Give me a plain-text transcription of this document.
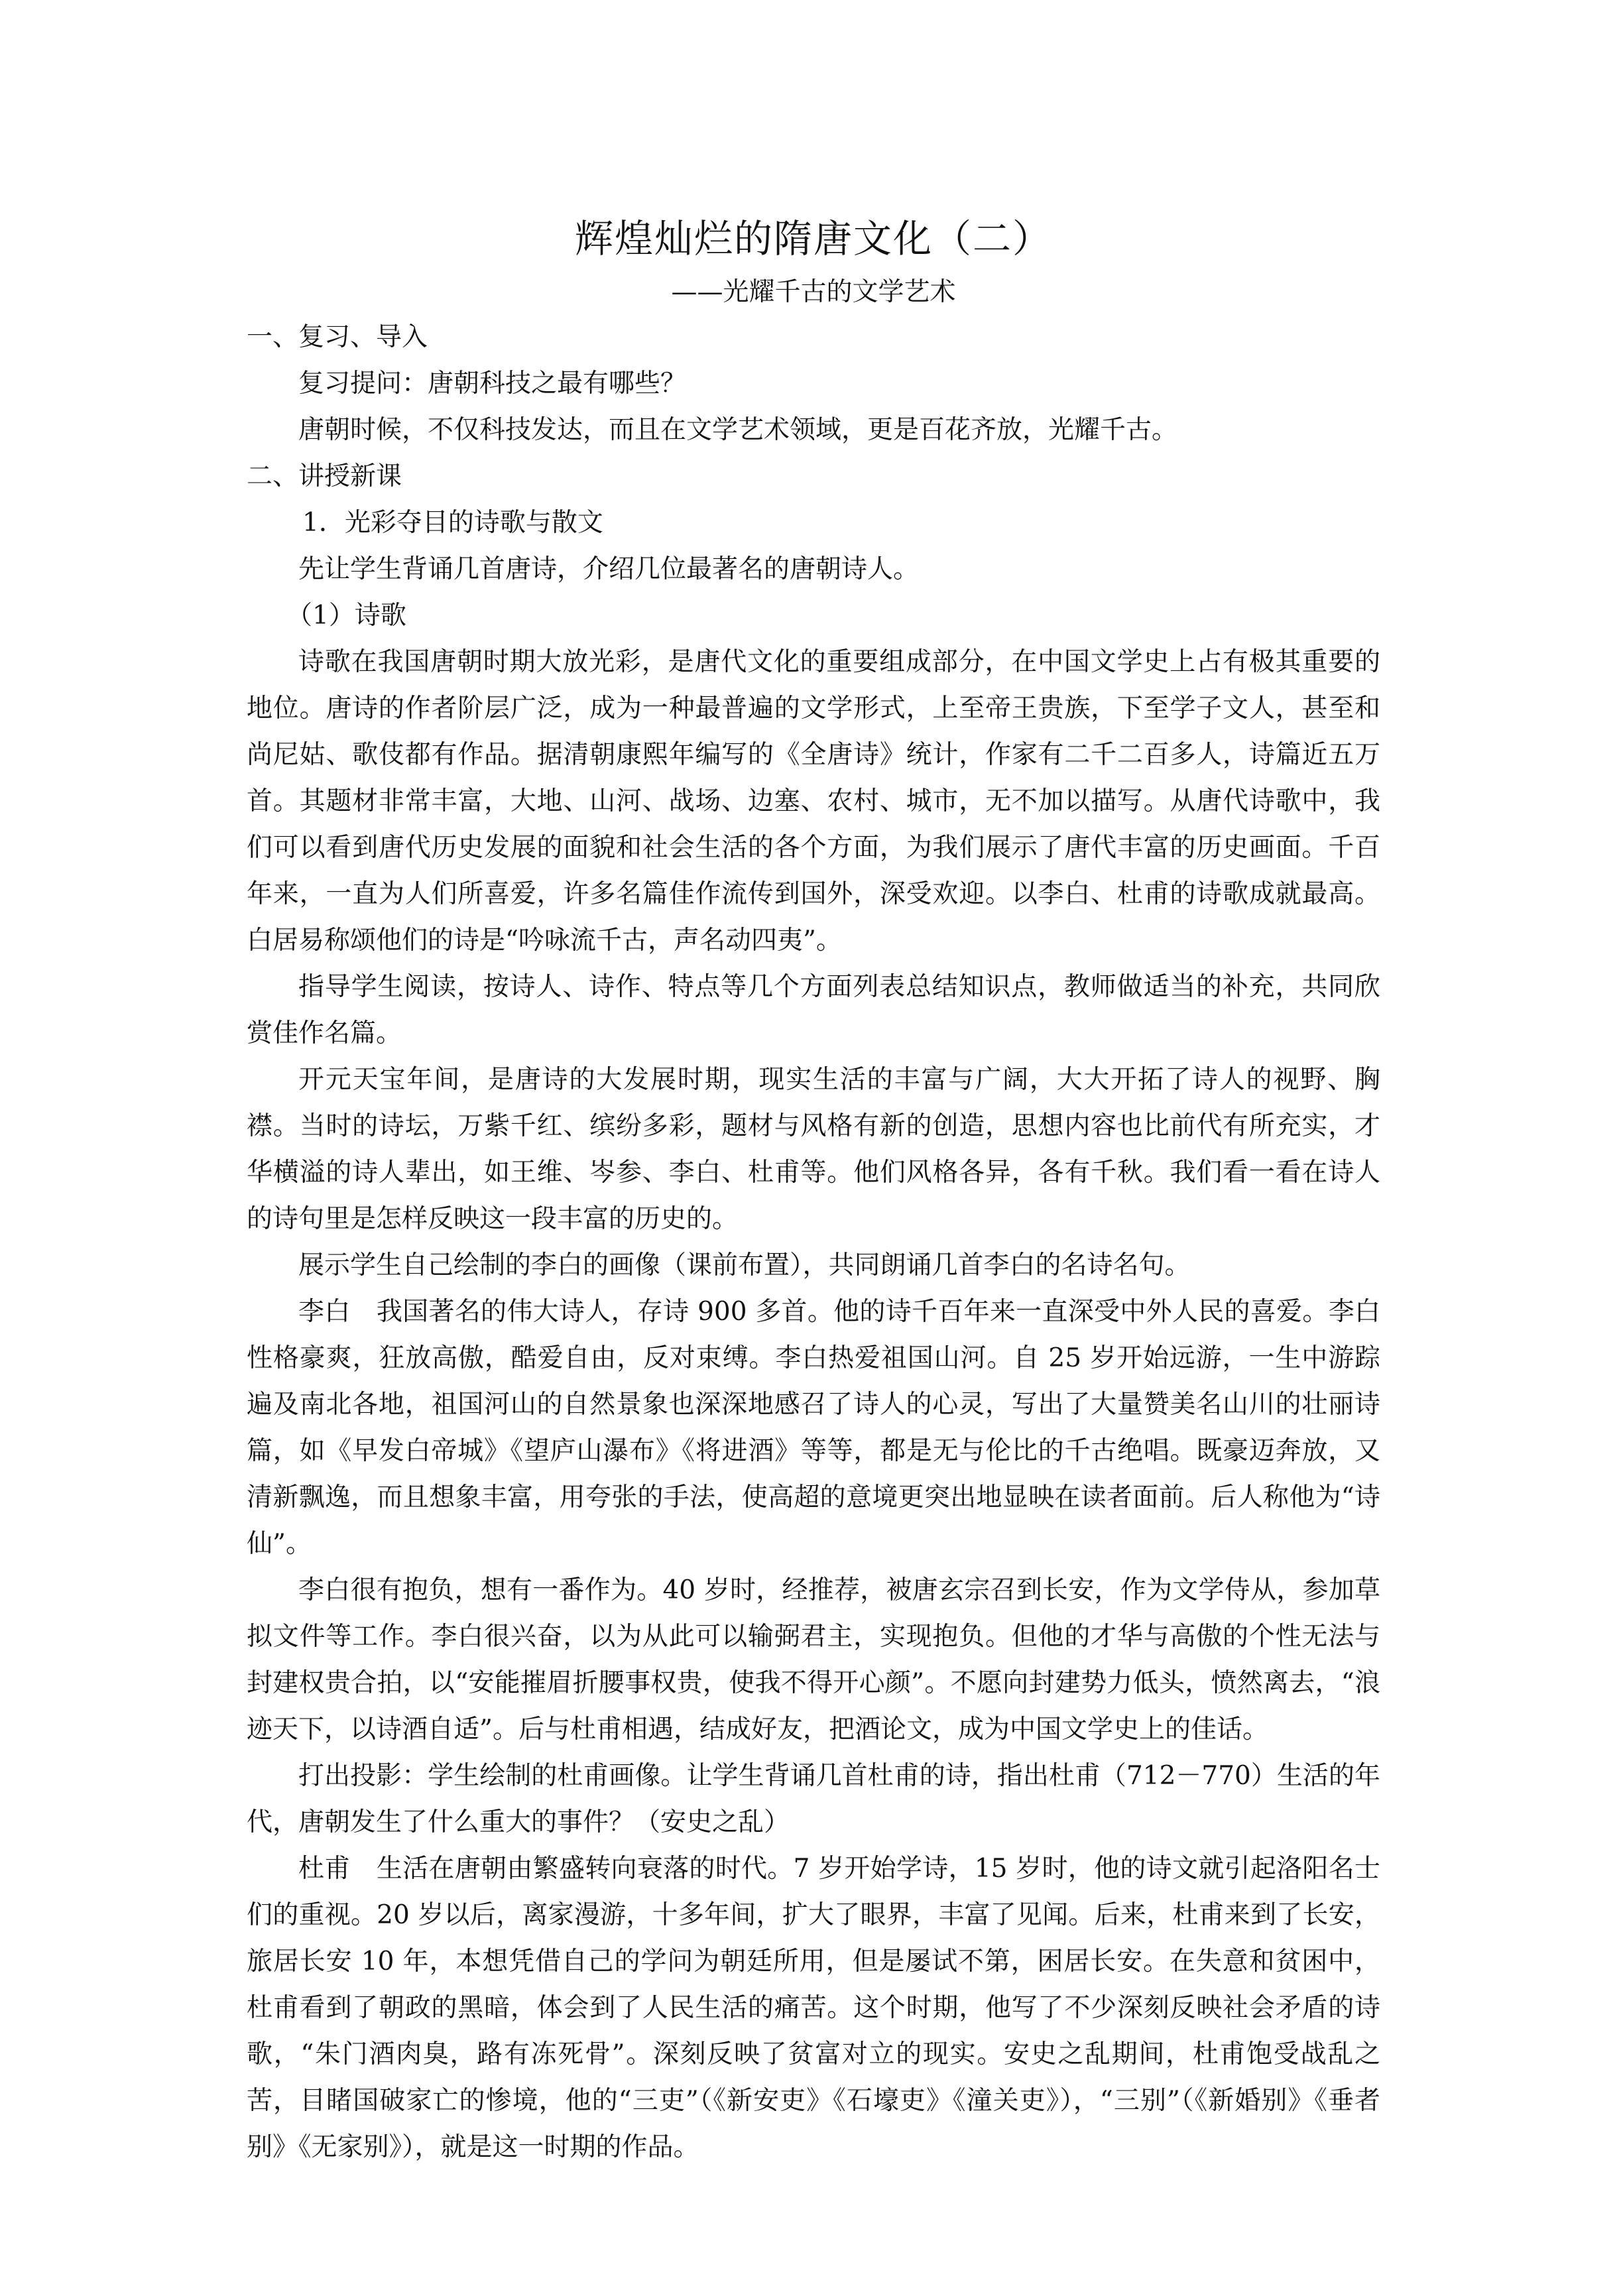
辉煌灿烂的隋唐文化（二）

——光耀千古的文学艺术

一、复习、导入

复习提问：唐朝科技之最有哪些？

唐朝时候，不仅科技发达，而且在文学艺术领域，更是百花齐放，光耀千古。

二、讲授新课

1．光彩夺目的诗歌与散文

先让学生背诵几首唐诗，介绍几位最著名的唐朝诗人。

（1）诗歌

诗歌在我国唐朝时期大放光彩，是唐代文化的重要组成部分，在中国文学史上占有极其重要的地位。唐诗的作者阶层广泛，成为一种最普遍的文学形式，上至帝王贵族，下至学子文人，甚至和尚尼姑、歌伎都有作品。据清朝康熙年编写的《全唐诗》统计，作家有二千二百多人，诗篇近五万首。其题材非常丰富，大地、山河、战场、边塞、农村、城市，无不加以描写。从唐代诗歌中，我们可以看到唐代历史发展的面貌和社会生活的各个方面，为我们展示了唐代丰富的历史画面。千百年来，一直为人们所喜爱，许多名篇佳作流传到国外，深受欢迎。以李白、杜甫的诗歌成就最高。白居易称颂他们的诗是“吟咏流千古，声名动四夷”。

指导学生阅读，按诗人、诗作、特点等几个方面列表总结知识点，教师做适当的补充，共同欣赏佳作名篇。

开元天宝年间，是唐诗的大发展时期，现实生活的丰富与广阔，大大开拓了诗人的视野、胸襟。当时的诗坛，万紫千红、缤纷多彩，题材与风格有新的创造，思想内容也比前代有所充实，才华横溢的诗人辈出，如王维、岑参、李白、杜甫等。他们风格各异，各有千秋。我们看一看在诗人的诗句里是怎样反映这一段丰富的历史的。

展示学生自己绘制的李白的画像（课前布置），共同朗诵几首李白的名诗名句。

李白　我国著名的伟大诗人，存诗 900 多首。他的诗千百年来一直深受中外人民的喜爱。李白性格豪爽，狂放高傲，酷爱自由，反对束缚。李白热爱祖国山河。自 25 岁开始远游，一生中游踪遍及南北各地，祖国河山的自然景象也深深地感召了诗人的心灵，写出了大量赞美名山川的壮丽诗篇，如《早发白帝城》《望庐山瀑布》《将进酒》等等，都是无与伦比的千古绝唱。既豪迈奔放，又清新飘逸，而且想象丰富，用夸张的手法，使高超的意境更突出地显映在读者面前。后人称他为“诗仙”。

李白很有抱负，想有一番作为。40 岁时，经推荐，被唐玄宗召到长安，作为文学侍从，参加草拟文件等工作。李白很兴奋，以为从此可以输弼君主，实现抱负。但他的才华与高傲的个性无法与封建权贵合拍，以“安能摧眉折腰事权贵，使我不得开心颜”。不愿向封建势力低头，愤然离去，“浪迹天下，以诗酒自适”。后与杜甫相遇，结成好友，把酒论文，成为中国文学史上的佳话。

打出投影：学生绘制的杜甫画像。让学生背诵几首杜甫的诗，指出杜甫（712－770）生活的年代，唐朝发生了什么重大的事件？（安史之乱）

杜甫　生活在唐朝由繁盛转向衰落的时代。7 岁开始学诗，15 岁时，他的诗文就引起洛阳名士们的重视。20 岁以后，离家漫游，十多年间，扩大了眼界，丰富了见闻。后来，杜甫来到了长安，旅居长安 10 年，本想凭借自己的学问为朝廷所用，但是屡试不第，困居长安。在失意和贫困中，杜甫看到了朝政的黑暗，体会到了人民生活的痛苦。这个时期，他写了不少深刻反映社会矛盾的诗歌，“朱门酒肉臭，路有冻死骨”。深刻反映了贫富对立的现实。安史之乱期间，杜甫饱受战乱之苦，目睹国破家亡的惨境，他的“三吏”（《新安吏》《石壕吏》《潼关吏》），“三别”（《新婚别》《垂者别》《无家别》），就是这一时期的作品。
